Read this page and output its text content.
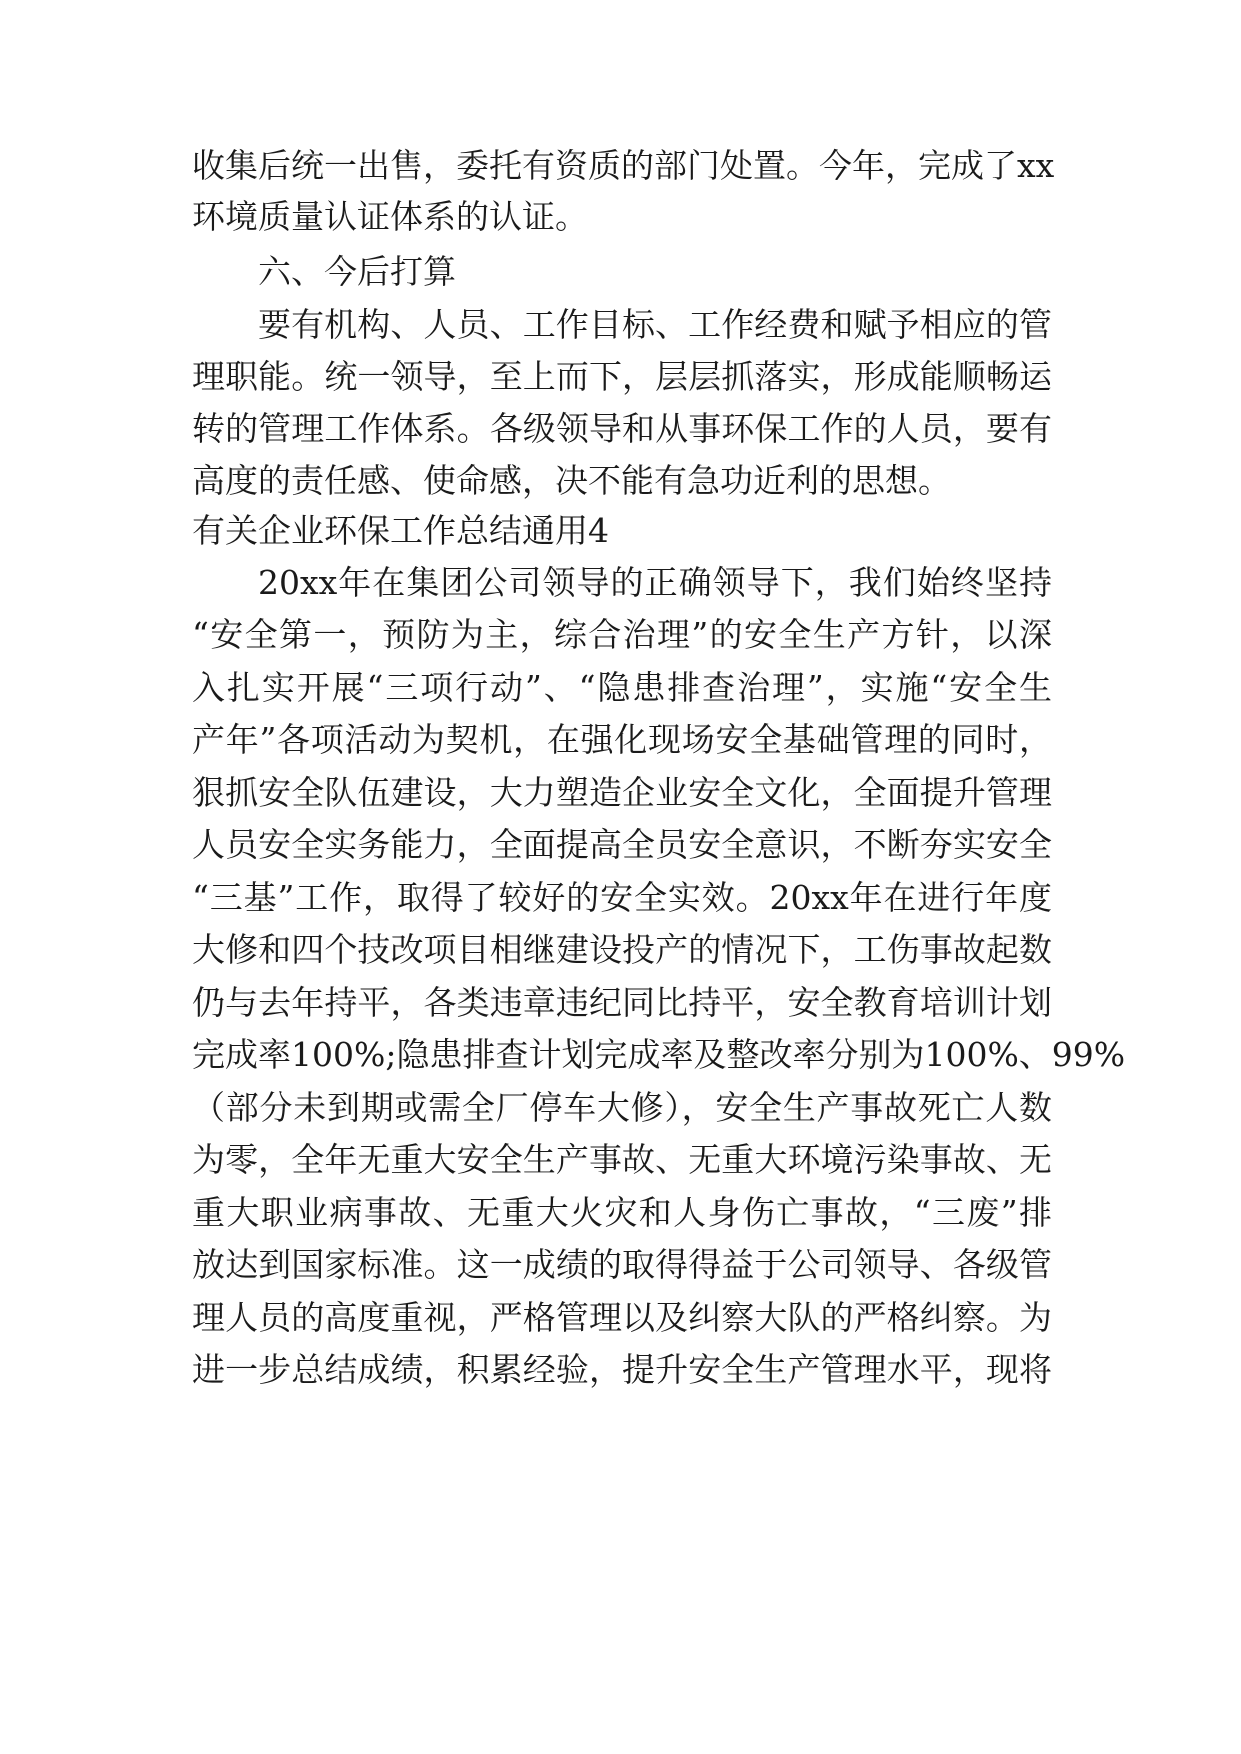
收集后统一出售，委托有资质的部门处置。今年，完成了xx
环境质量认证体系的认证。
六、今后打算
要有机构、人员、工作目标、工作经费和赋予相应的管
理职能。统一领导，至上而下，层层抓落实，形成能顺畅运
转的管理工作体系。各级领导和从事环保工作的人员，要有
高度的责任感、使命感，决不能有急功近利的思想。
有关企业环保工作总结通用4
20xx年在集团公司领导的正确领导下，我们始终坚持
“安全第一，预防为主，综合治理”的安全生产方针，以深
入扎实开展“三项行动”、“隐患排查治理”，实施“安全生
产年”各项活动为契机，在强化现场安全基础管理的同时，
狠抓安全队伍建设，大力塑造企业安全文化，全面提升管理
人员安全实务能力，全面提高全员安全意识，不断夯实安全
“三基”工作，取得了较好的安全实效。20xx年在进行年度
大修和四个技改项目相继建设投产的情况下，工伤事故起数
仍与去年持平，各类违章违纪同比持平，安全教育培训计划
完成率100%;隐患排查计划完成率及整改率分别为100%、99%
（部分未到期或需全厂停车大修），安全生产事故死亡人数
为零，全年无重大安全生产事故、无重大环境污染事故、无
重大职业病事故、无重大火灾和人身伤亡事故，“三废”排
放达到国家标准。这一成绩的取得得益于公司领导、各级管
理人员的高度重视，严格管理以及纠察大队的严格纠察。为
进一步总结成绩，积累经验，提升安全生产管理水平，现将
